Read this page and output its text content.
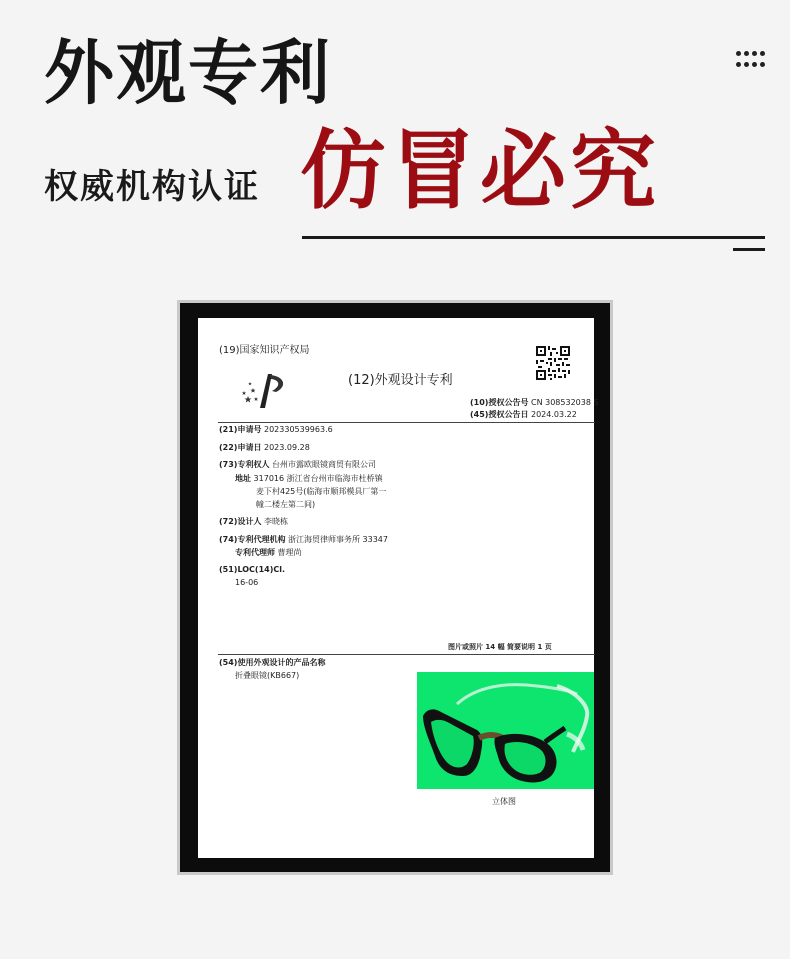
外观专利
权威机构认证 仿冒必究
(19)国家知识产权局
(12)外观设计专利
(10)授权公告号 CN 308532038 S
(45)授权公告日 2024.03.22
(21)申请号 202330539963.6
(22)申请日 2023.09.28
(73)专利权人 台州市露欧眼镜商贸有限公司
地址 317016 浙江省台州市临海市杜桥镇
麦下村425号(临海市顺邦模具厂第一
幢二楼左第二间)
(72)设计人 李晓栋
(74)专利代理机构 浙江海贸律师事务所 33347
专利代理师 曹理尚
(51)LOC(14)Cl.
16-06
图片或照片 14 幅 简要说明 1 页
(54)使用外观设计的产品名称
折叠眼镜(KB667)
立体图
